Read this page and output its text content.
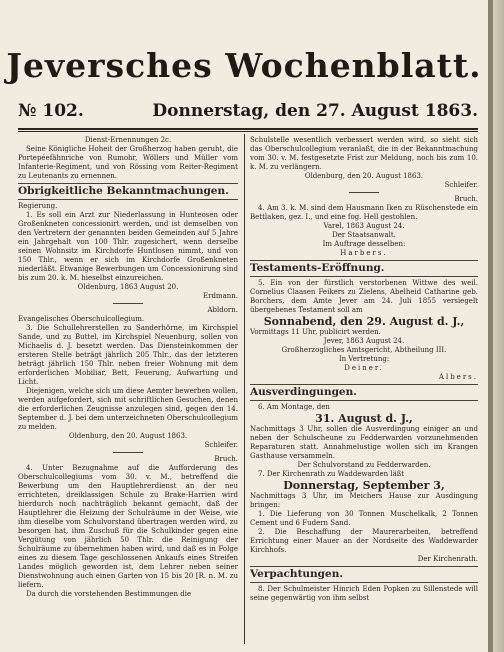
Jeversches Wochenblatt.
№ 102.	Donnerstag, den 27. August 1863.

Dienst-Ernennungen 2c.

Seine Königliche Hoheit der Großherzog haben geruht, die Portepéefähnriche von Rumohr, Wöllers und Müller vom Infanterie-Regiment, und von Rössing vom Reiter-Regiment zu Leutenants zu ernennen.

Obrigkeitliche Bekanntmachungen.

Regierung.

1. Es soll ein Arzt zur Niederlassung in Hunteosen oder Großenkneten concessionirt werden, und ist demselben von den Vertretern der genannten beiden Gemeinden auf 5 Jahre ein Jahrgehalt von 100 Thlr. zugesichert, wenn derselbe seinen Wohnsitz im Kirchdorfe Huntlosen nimmt, und von 150 Thlr., wenn er sich im Kirchdorfe Großenkneten niederläßt. Etwanige Bewerbungen um Concessionirung sind bis zum 20. k. M. hieselbst einzureichen.

Oldenburg, 1863 August 20.

Erdmann.

Abldorn.

Evangelisches Oberschulcollegium.

3. Die Schullehrerstellen zu Sanderhörne, im Kirchspiel Sande, und zu Buttel, im Kirchspiel Neuenburg, sollen von Michaelis d. J. besetzt werden. Das Diensteinkommen der ersteren Stelle beträgt jährlich 205 Thlr., das der letzteren beträgt jährlich 150 Thlr. neben freier Wohnung mit dem erforderlichen Mobiliar, Bett, Feuerung, Aufwartung und Licht.

Diejenigen, welche sich um diese Aemter bewerben wollen, werden aufgefordert, sich mit schriftlichen Gesuchen, denen die erforderlichen Zeugnisse anzulegen sind, gegen den 14. September d. J. bei dem unterzeichneten Oberschulcollegium zu melden.

Oldenburg, den 20. August 1863.

Schleifer.

Bruch.

4. Unter Bezugnahme auf die Aufforderung des Oberschulcollegiums vom 30. v. M., betreffend die Bewerbung um den Hauptlehrerdienst an der neu errichteten, dreiklassigen Schule zu Brake-Harrien wird hierdurch noch nachträglich bekannt gemacht, daß der Hauptlehrer die Heizung der Schulräume in der Weise, wie ihm dieselbe vom Schulvorstand übertragen werden wird, zu besorgen hat, ihm Zuschuß für die Schulkinder gegen eine Vergütung von jährlich 50 Thlr. die Reinigung der Schulräume zu übernehmen haben wird, und daß es in Folge eines zu diesem Tage geschlossenen Ankaufs eines Streifen Landes möglich geworden ist, dem Lehrer neben seiner Dienstwohnung auch einen Garten von 15 bis 20 [R. n. M. zu liefern.

Da durch die vorstehenden Bestimmungen die

Schulstelle wesentlich verbessert werden wird, so sieht sich das Oberschulcollegium veranlaßt, die in der Bekanntmachung vom 30. v. M. festgesetzte Frist zur Meldung, noch bis zum 10. k. M. zu verlängern.

Oldenburg, den 20. August 1863.

Schleifer.

Bruch.

4. Am 3. k. M. sind dem Hausmann Iken zu Rüschenstede ein Bettlaken, gez. I., und eine fog. Hell gestohlen.

Varel, 1863 August 24.

Der Staatsanwalt.

Im Auftrage desselben:

Harbers.

Testaments-Eröffnung.

5. Ein von der fürstlich verstorbenen Wittwe des weil. Cornelius Claasen Feikers zu Zielens, Abelheid Catharine geb. Borchers, dem Amte Jever am 24. Juli 1855 versiegelt übergebenes Testament soll am

Sonnabend, den 29. August d. J.,

Vormittags 11 Uhr, publicirt werden.

Jever, 1863 August 24.

Großherzogliches Amtsgericht, Abtheilung III.

In Vertretung:

Deiner.

Albers.

Ausverdingungen.

6. Am Montage, den

31. August d. J.,

Nachmittags 3 Uhr, sollen die Ausverdingung einiger an und neben der Schulscheune zu Fedderwarden vorzunehmenden Reparaturen statt. Annahmelustige wollen sich im Krangen Gasthause versammeln.

Der Schulvorstand zu Fedderwarden.

7. Der Kirchenrath zu Waddewarden läßt

Donnerstag, September 3,

Nachmittags 3 Uhr, im Meichers Hause zur Ausdingung bringen:

1. Die Lieferung von 30 Tonnen Muschelkalk, 2 Tonnen Cement und 6 Fudern Sand.

2. Die Beschaffung der Maurerarbeiten, betreffend Errichtung einer Mauer an der Nordseite des Waddewarder Kirchhofs.

Der Kirchenrath.

Verpachtungen.

8. Der Schulmeister Hinrich Eden Popken zu Sillenstede will seine gegenwärtig von ihm selbst
